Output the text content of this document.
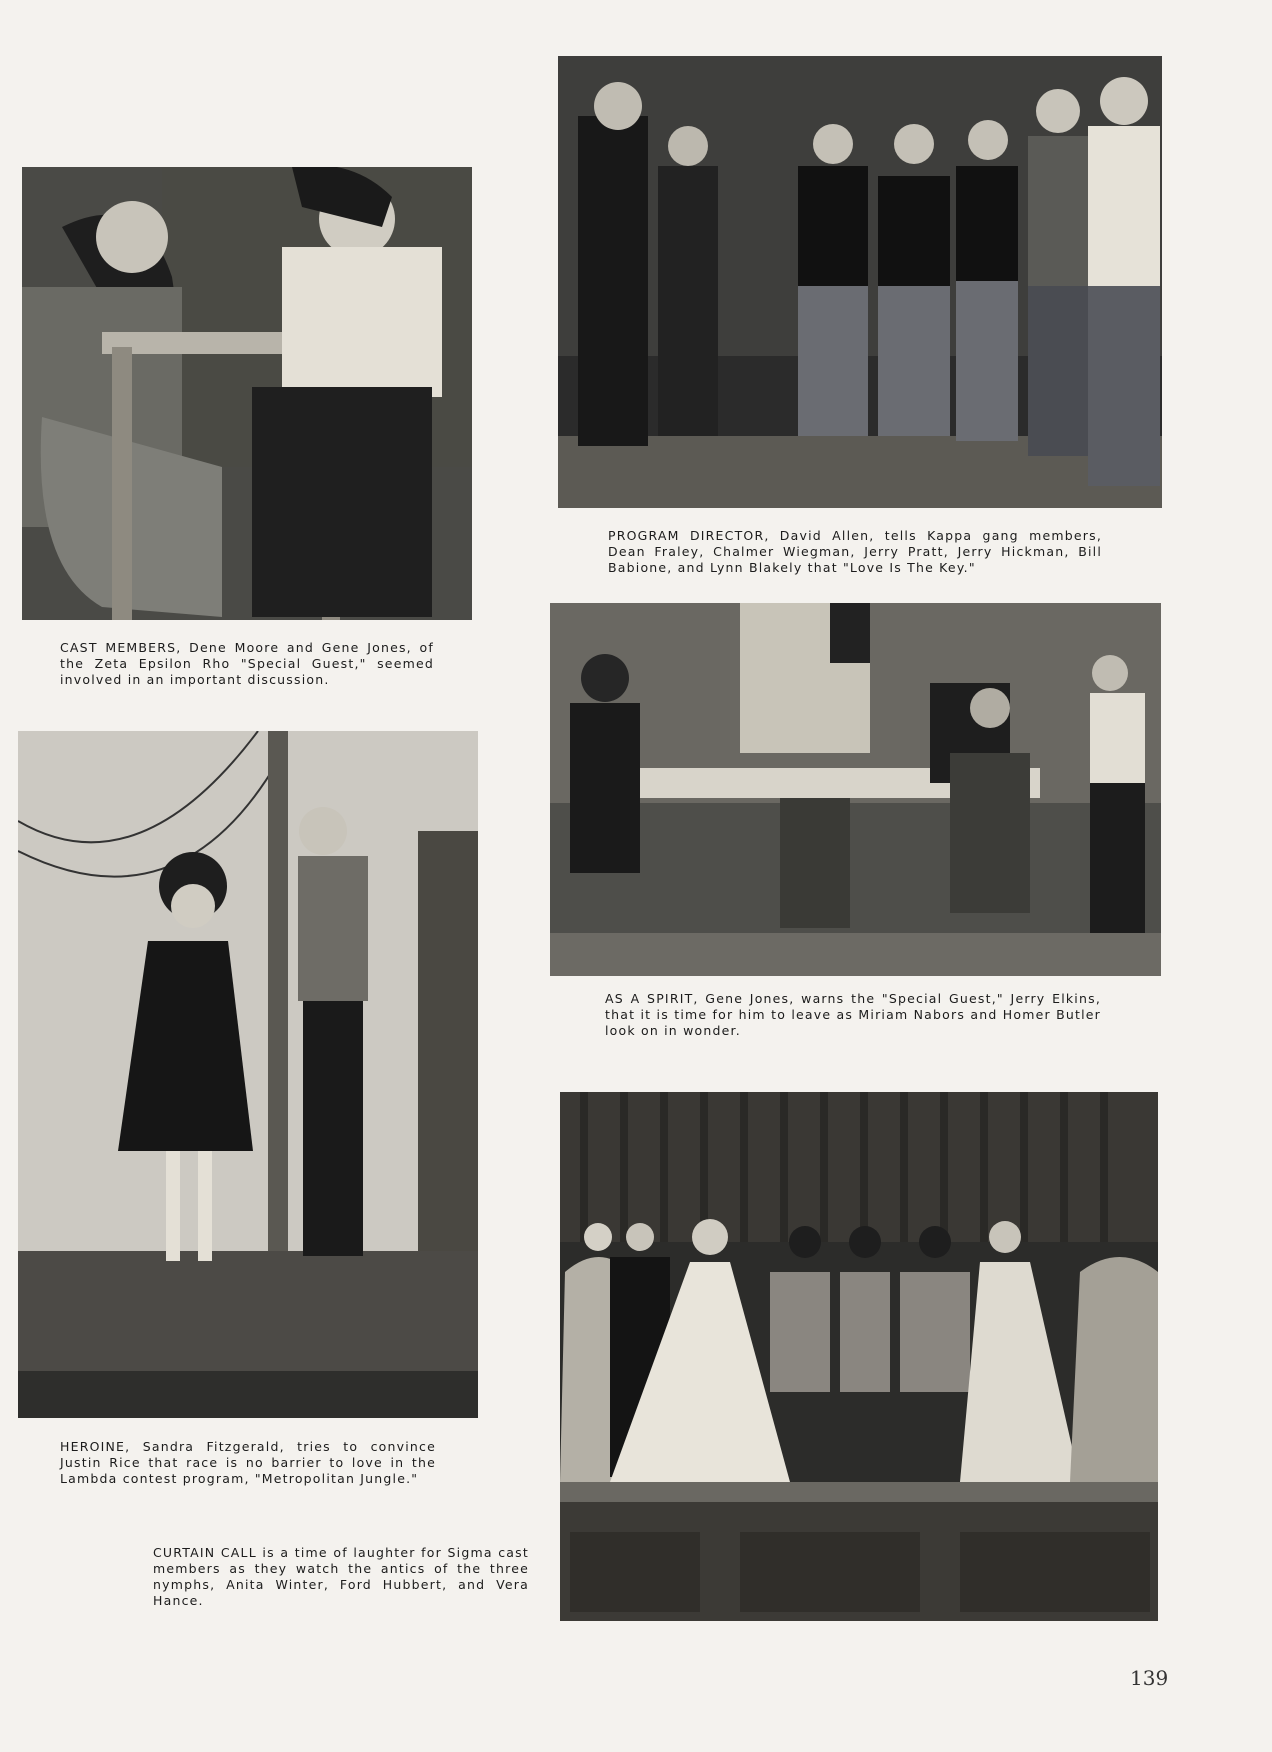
CAST MEMBERS, Dene Moore and Gene Jones, of the Zeta Epsilon Rho "Special Guest," seemed involved in an important discussion.
PROGRAM DIRECTOR, David Allen, tells Kappa gang members, Dean Fraley, Chalmer Wiegman, Jerry Pratt, Jerry Hickman, Bill Babione, and Lynn Blakely that "Love Is The Key."
AS A SPIRIT, Gene Jones, warns the "Special Guest," Jerry Elkins, that it is time for him to leave as Miriam Nabors and Homer Butler look on in wonder.
HEROINE, Sandra Fitzgerald, tries to convince Justin Rice that race is no barrier to love in the Lambda contest program, "Metropolitan Jungle."
CURTAIN CALL is a time of laughter for Sigma cast members as they watch the antics of the three nymphs, Anita Winter, Ford Hubbert, and Vera Hance.
139
